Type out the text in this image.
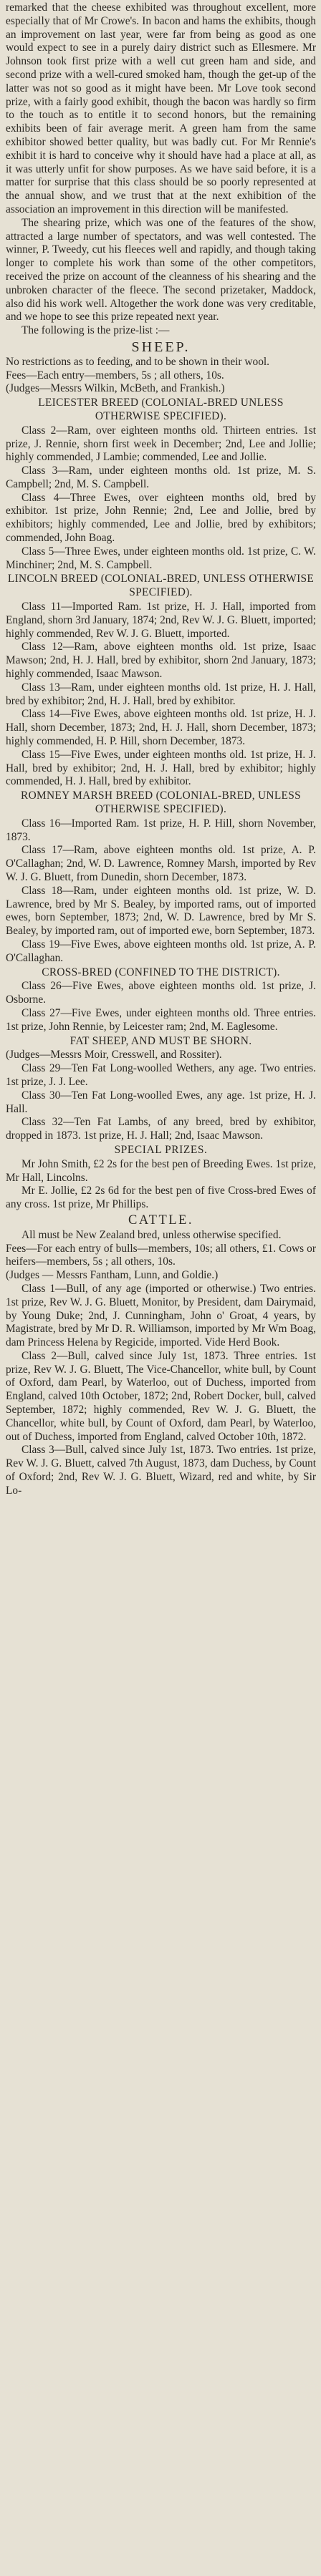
remarked that the cheese exhibited was throughout excellent, more especially that of Mr Crowe's. In bacon and hams the exhibits, though an improvement on last year, were far from being as good as one would expect to see in a purely dairy district such as Ellesmere. Mr Johnson took first prize with a well cut green ham and side, and second prize with a well-cured smoked ham, though the get-up of the latter was not so good as it might have been. Mr Love took second prize, with a fairly good exhibit, though the bacon was hardly so firm to the touch as to entitle it to second honors, but the remaining exhibits been of fair average merit. A green ham from the same exhibitor showed better quality, but was badly cut. For Mr Rennie's exhibit it is hard to conceive why it should have had a place at all, as it was utterly unfit for show purposes. As we have said before, it is a matter for surprise that this class should be so poorly represented at the annual show, and we trust that at the next exhibition of the association an improvement in this direction will be manifested.

The shearing prize, which was one of the features of the show, attracted a large number of spectators, and was well contested. The winner, P. Tweedy, cut his fleeces well and rapidly, and though taking longer to complete his work than some of the other competitors, received the prize on account of the cleanness of his shearing and the unbroken character of the fleece. The second prizetaker, Maddock, also did his work well. Altogether the work done was very creditable, and we hope to see this prize repeated next year.

The following is the prize-list :—

SHEEP.

No restrictions as to feeding, and to be shown in their wool.

Fees—Each entry—members, 5s ; all others, 10s.

(Judges—Messrs Wilkin, McBeth, and Frankish.)

LEICESTER BREED (COLONIAL-BRED UNLESS OTHERWISE SPECIFIED).

Class 2—Ram, over eighteen months old. Thirteen entries. 1st prize, J. Rennie, shorn first week in December; 2nd, Lee and Jollie; highly commended, J Lambie; commended, Lee and Jollie.

Class 3—Ram, under eighteen months old. 1st prize, M. S. Campbell; 2nd, M. S. Campbell.

Class 4—Three Ewes, over eighteen months old, bred by exhibitor. 1st prize, John Rennie; 2nd, Lee and Jollie, bred by exhibitors; highly commended, Lee and Jollie, bred by exhibitors; commended, John Boag.

Class 5—Three Ewes, under eighteen months old. 1st prize, C. W. Minchiner; 2nd, M. S. Campbell.

LINCOLN BREED (COLONIAL-BRED, UNLESS OTHERWISE SPECIFIED).

Class 11—Imported Ram. 1st prize, H. J. Hall, imported from England, shorn 3rd January, 1874; 2nd, Rev W. J. G. Bluett, imported; highly commended, Rev W. J. G. Bluett, imported.

Class 12—Ram, above eighteen months old. 1st prize, Isaac Mawson; 2nd, H. J. Hall, bred by exhibitor, shorn 2nd January, 1873; highly commended, Isaac Mawson.

Class 13—Ram, under eighteen months old. 1st prize, H. J. Hall, bred by exhibitor; 2nd, H. J. Hall, bred by exhibitor.

Class 14—Five Ewes, above eighteen months old. 1st prize, H. J. Hall, shorn December, 1873; 2nd, H. J. Hall, shorn December, 1873; highly commended, H. P. Hill, shorn December, 1873.

Class 15—Five Ewes, under eighteen months old. 1st prize, H. J. Hall, bred by exhibitor; 2nd, H. J. Hall, bred by exhibitor; highly commended, H. J. Hall, bred by exhibitor.

ROMNEY MARSH BREED (COLONIAL-BRED, UNLESS OTHERWISE SPECIFIED).

Class 16—Imported Ram. 1st prize, H. P. Hill, shorn November, 1873.

Class 17—Ram, above eighteen months old. 1st prize, A. P. O'Callaghan; 2nd, W. D. Lawrence, Romney Marsh, imported by Rev W. J. G. Bluett, from Dunedin, shorn December, 1873.

Class 18—Ram, under eighteen months old. 1st prize, W. D. Lawrence, bred by Mr S. Bealey, by imported rams, out of imported ewes, born September, 1873; 2nd, W. D. Lawrence, bred by Mr S. Bealey, by imported ram, out of imported ewe, born September, 1873.

Class 19—Five Ewes, above eighteen months old. 1st prize, A. P. O'Callaghan.

CROSS-BRED (CONFINED TO THE DISTRICT).

Class 26—Five Ewes, above eighteen months old. 1st prize, J. Osborne.

Class 27—Five Ewes, under eighteen months old. Three entries. 1st prize, John Rennie, by Leicester ram; 2nd, M. Eaglesome.

FAT SHEEP, AND MUST BE SHORN.

(Judges—Messrs Moir, Cresswell, and Rossiter).

Class 29—Ten Fat Long-woolled Wethers, any age. Two entries. 1st prize, J. J. Lee.

Class 30—Ten Fat Long-woolled Ewes, any age. 1st prize, H. J. Hall.

Class 32—Ten Fat Lambs, of any breed, bred by exhibitor, dropped in 1873. 1st prize, H. J. Hall; 2nd, Isaac Mawson.

SPECIAL PRIZES.

Mr John Smith, £2 2s for the best pen of Breeding Ewes. 1st prize, Mr Hall, Lincolns.

Mr E. Jollie, £2 2s 6d for the best pen of five Cross-bred Ewes of any cross. 1st prize, Mr Phillips.

CATTLE.

All must be New Zealand bred, unless otherwise specified.

Fees—For each entry of bulls—members, 10s; all others, £1. Cows or heifers—members, 5s ; all others, 10s.

(Judges — Messrs Fantham, Lunn, and Goldie.)

Class 1—Bull, of any age (imported or otherwise.) Two entries. 1st prize, Rev W. J. G. Bluett, Monitor, by President, dam Dairymaid, by Young Duke; 2nd, J. Cunningham, John o' Groat, 4 years, by Magistrate, bred by Mr D. R. Williamson, imported by Mr Wm Boag, dam Princess Helena by Regicide, imported. Vide Herd Book.

Class 2—Bull, calved since July 1st, 1873. Three entries. 1st prize, Rev W. J. G. Bluett, The Vice-Chancellor, white bull, by Count of Oxford, dam Pearl, by Waterloo, out of Duchess, imported from England, calved 10th October, 1872; 2nd, Robert Docker, bull, calved September, 1872; highly commended, Rev W. J. G. Bluett, the Chancellor, white bull, by Count of Oxford, dam Pearl, by Waterloo, out of Duchess, imported from England, calved October 10th, 1872.

Class 3—Bull, calved since July 1st, 1873. Two entries. 1st prize, Rev W. J. G. Bluett, calved 7th August, 1873, dam Duchess, by Count of Oxford; 2nd, Rev W. J. G. Bluett, Wizard, red and white, by Sir Lo-
